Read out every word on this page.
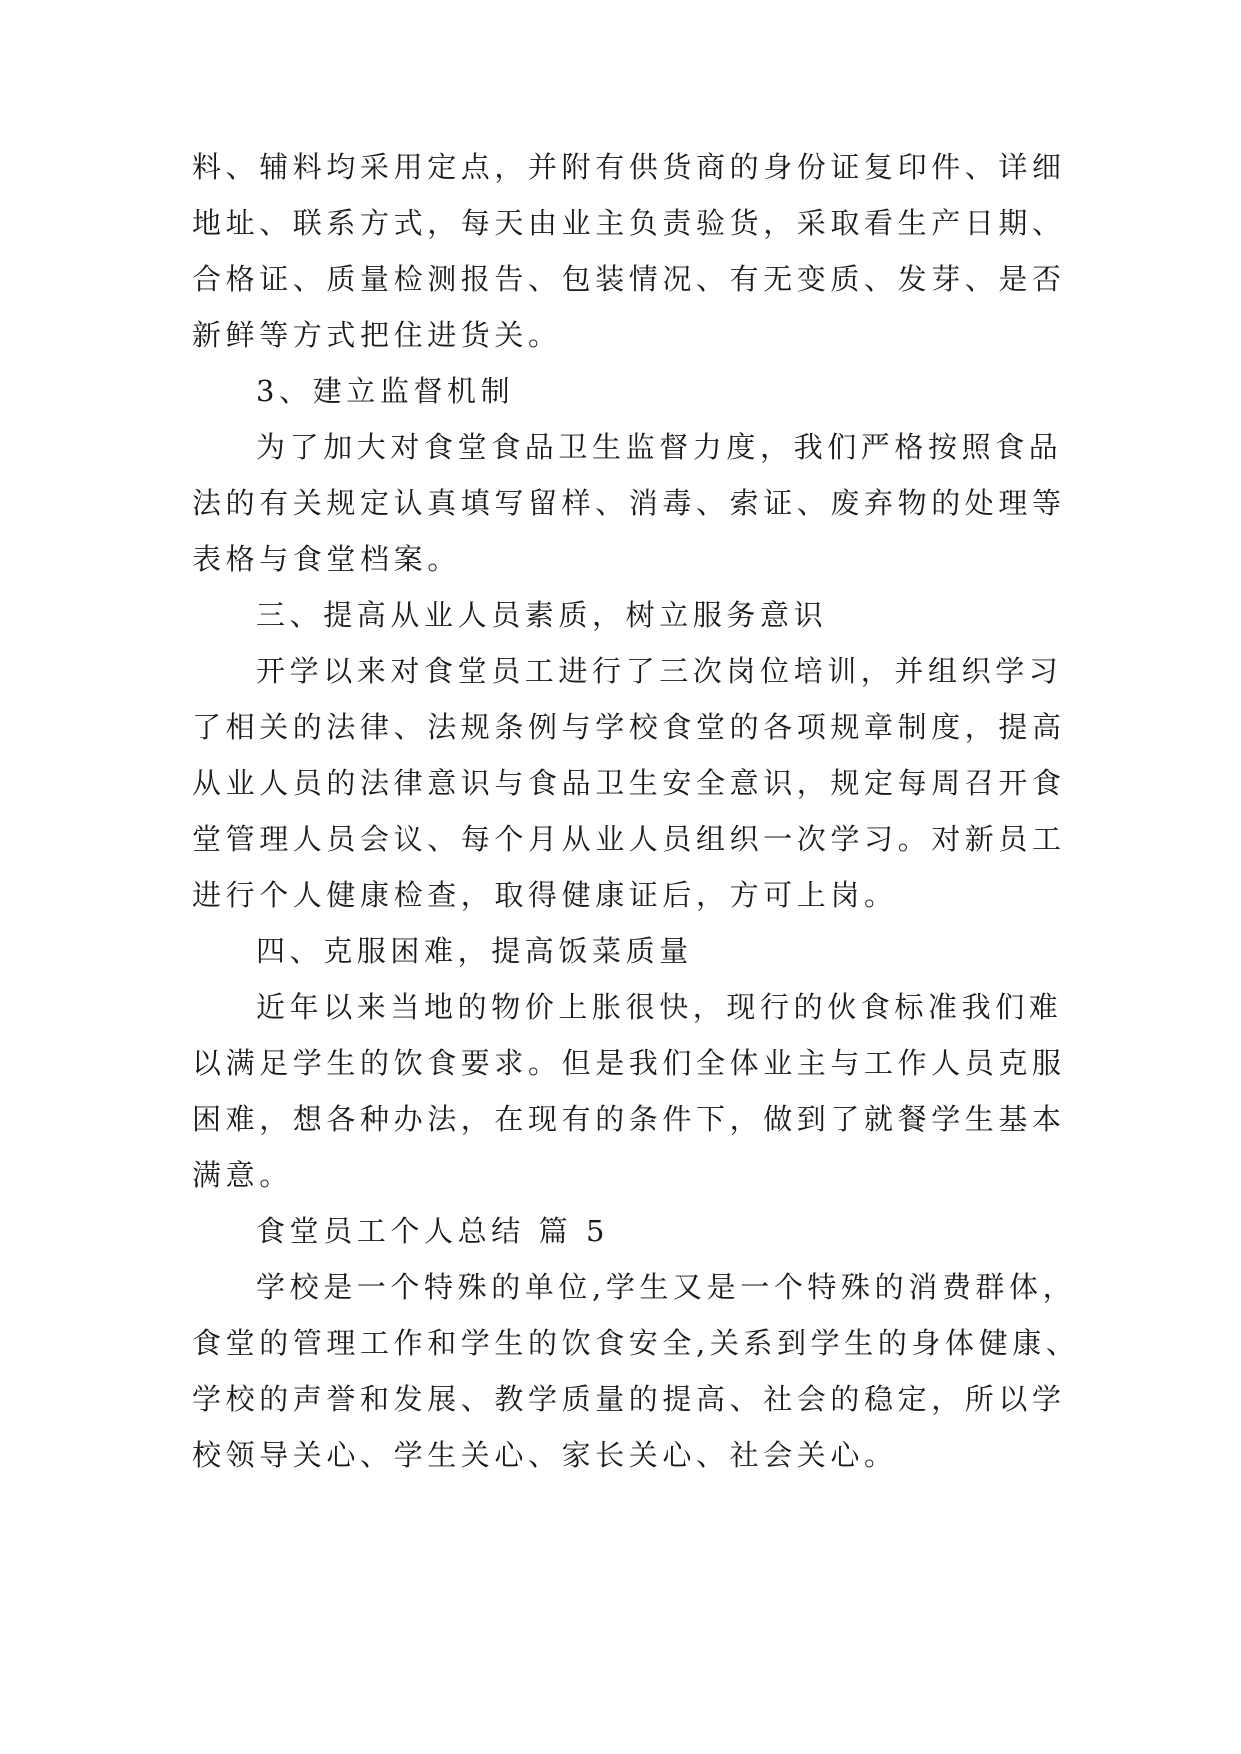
料、辅料均采用定点，并附有供货商的身份证复印件、详细
地址、联系方式，每天由业主负责验货，采取看生产日期、
合格证、质量检测报告、包装情况、有无变质、发芽、是否
新鲜等方式把住进货关。
3、建立监督机制
为了加大对食堂食品卫生监督力度，我们严格按照食品
法的有关规定认真填写留样、消毒、索证、废弃物的处理等
表格与食堂档案。
三、提高从业人员素质，树立服务意识
开学以来对食堂员工进行了三次岗位培训，并组织学习
了相关的法律、法规条例与学校食堂的各项规章制度，提高
从业人员的法律意识与食品卫生安全意识，规定每周召开食
堂管理人员会议、每个月从业人员组织一次学习。对新员工
进行个人健康检查，取得健康证后，方可上岗。
四、克服困难，提高饭菜质量
近年以来当地的物价上胀很快，现行的伙食标准我们难
以满足学生的饮食要求。但是我们全体业主与工作人员克服
困难，想各种办法，在现有的条件下，做到了就餐学生基本
满意。
食堂员工个人总结 篇 5
学校是一个特殊的单位,学生又是一个特殊的消费群体，
食堂的管理工作和学生的饮食安全,关系到学生的身体健康、
学校的声誉和发展、教学质量的提高、社会的稳定，所以学
校领导关心、学生关心、家长关心、社会关心。
